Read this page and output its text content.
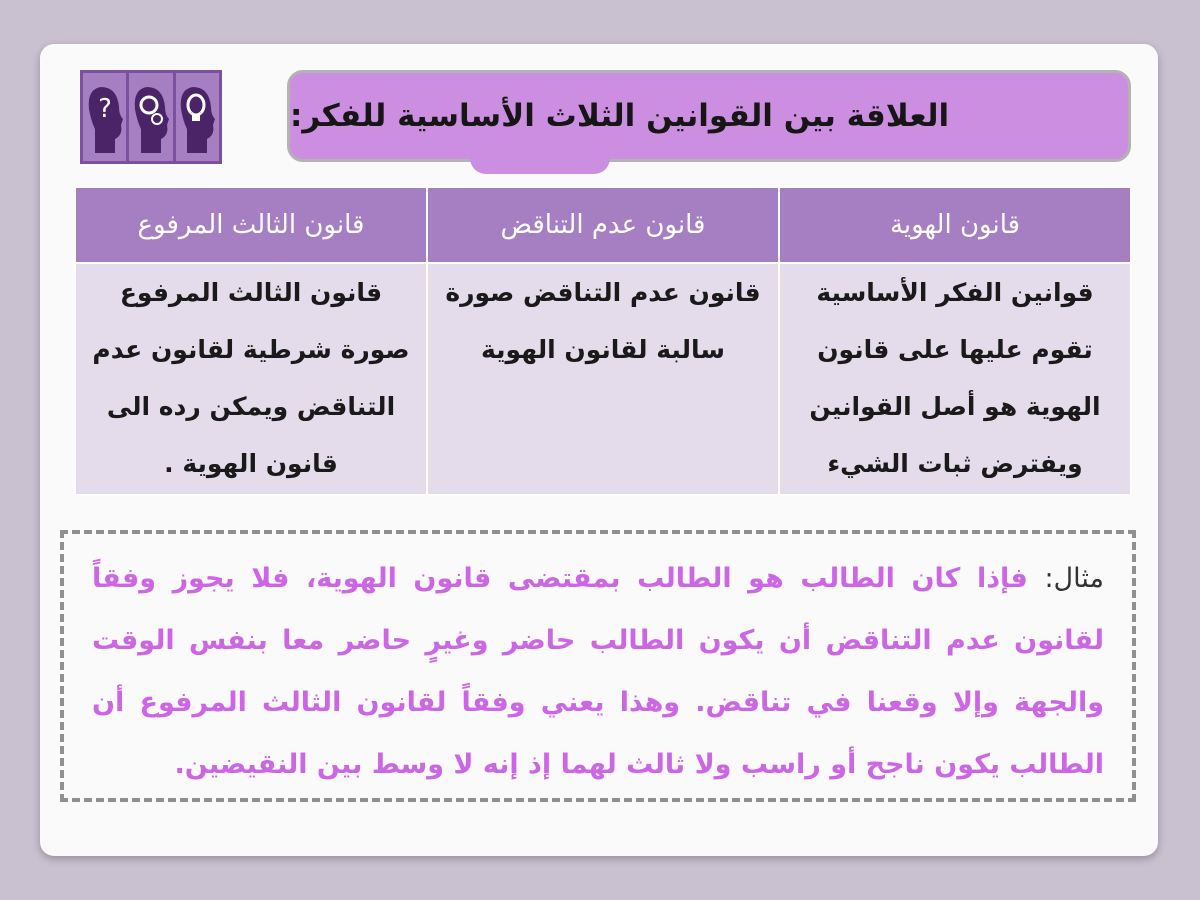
?	العلاقة بين القوانين الثلاث الأساسية للفكر:
قانون الهوية	قانون عدم التناقض	قانون الثالث المرفوع
قوانين الفكر الأساسية تقوم عليها على قانون الهوية هو أصل القوانين ويفترض ثبات الشيء	قانون عدم التناقض صورة سالبة لقانون الهوية	قانون الثالث المرفوع صورة شرطية لقانون عدم التناقض ويمكن رده الى قانون الهوية .
مثال: فإذا كان الطالب هو الطالب بمقتضى قانون الهوية، فلا يجوز وفقاً لقانون عدم التناقض أن يكون الطالب حاضر وغيرٍ حاضر معا بنفس الوقت والجهة وإلا وقعنا في تناقض. وهذا يعني وفقاً لقانون الثالث المرفوع أن الطالب يكون ناجح أو راسب ولا ثالث لهما إذ إنه لا وسط بين النقيضين.
